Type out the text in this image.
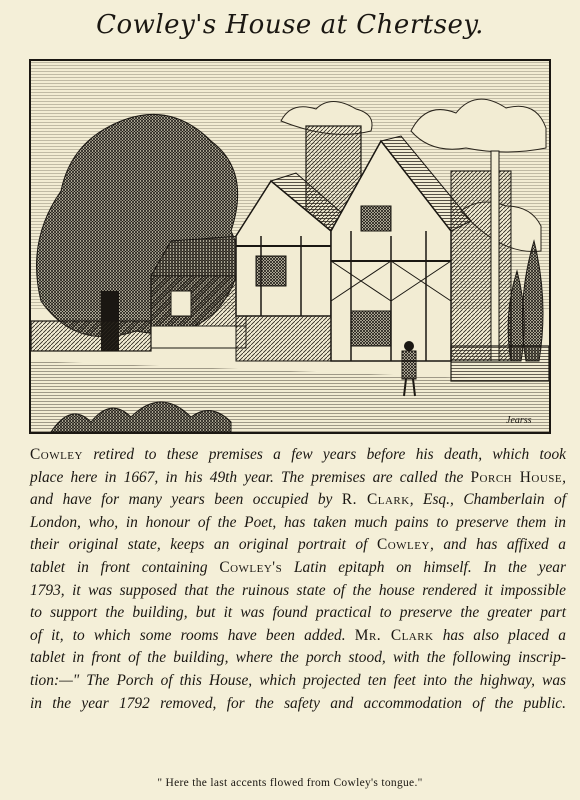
Cowley's House at Chertsey.
Jearss
Cowley retired to these premises a few years before his death, which took
place here in 1667, in his 49th year. The premises are called the Porch House,
and have for many years been occupied by R. Clark, Esq., Chamberlain of
London, who, in honour of the Poet, has taken much pains to preserve them in
their original state, keeps an original portrait of Cowley, and has affixed a
tablet in front containing Cowley's Latin epitaph on himself. In the year
1793, it was supposed that the ruinous state of the house rendered it impossible
to support the building, but it was found practical to preserve the greater part
of it, to which some rooms have been added. Mr. Clark has also placed a
tablet in front of the building, where the porch stood, with the following inscrip-
tion:—" The Porch of this House, which projected ten feet into the highway, was
in the year 1792 removed, for the safety and accommodation of the public.
" Here the last accents flowed from Cowley's tongue."
